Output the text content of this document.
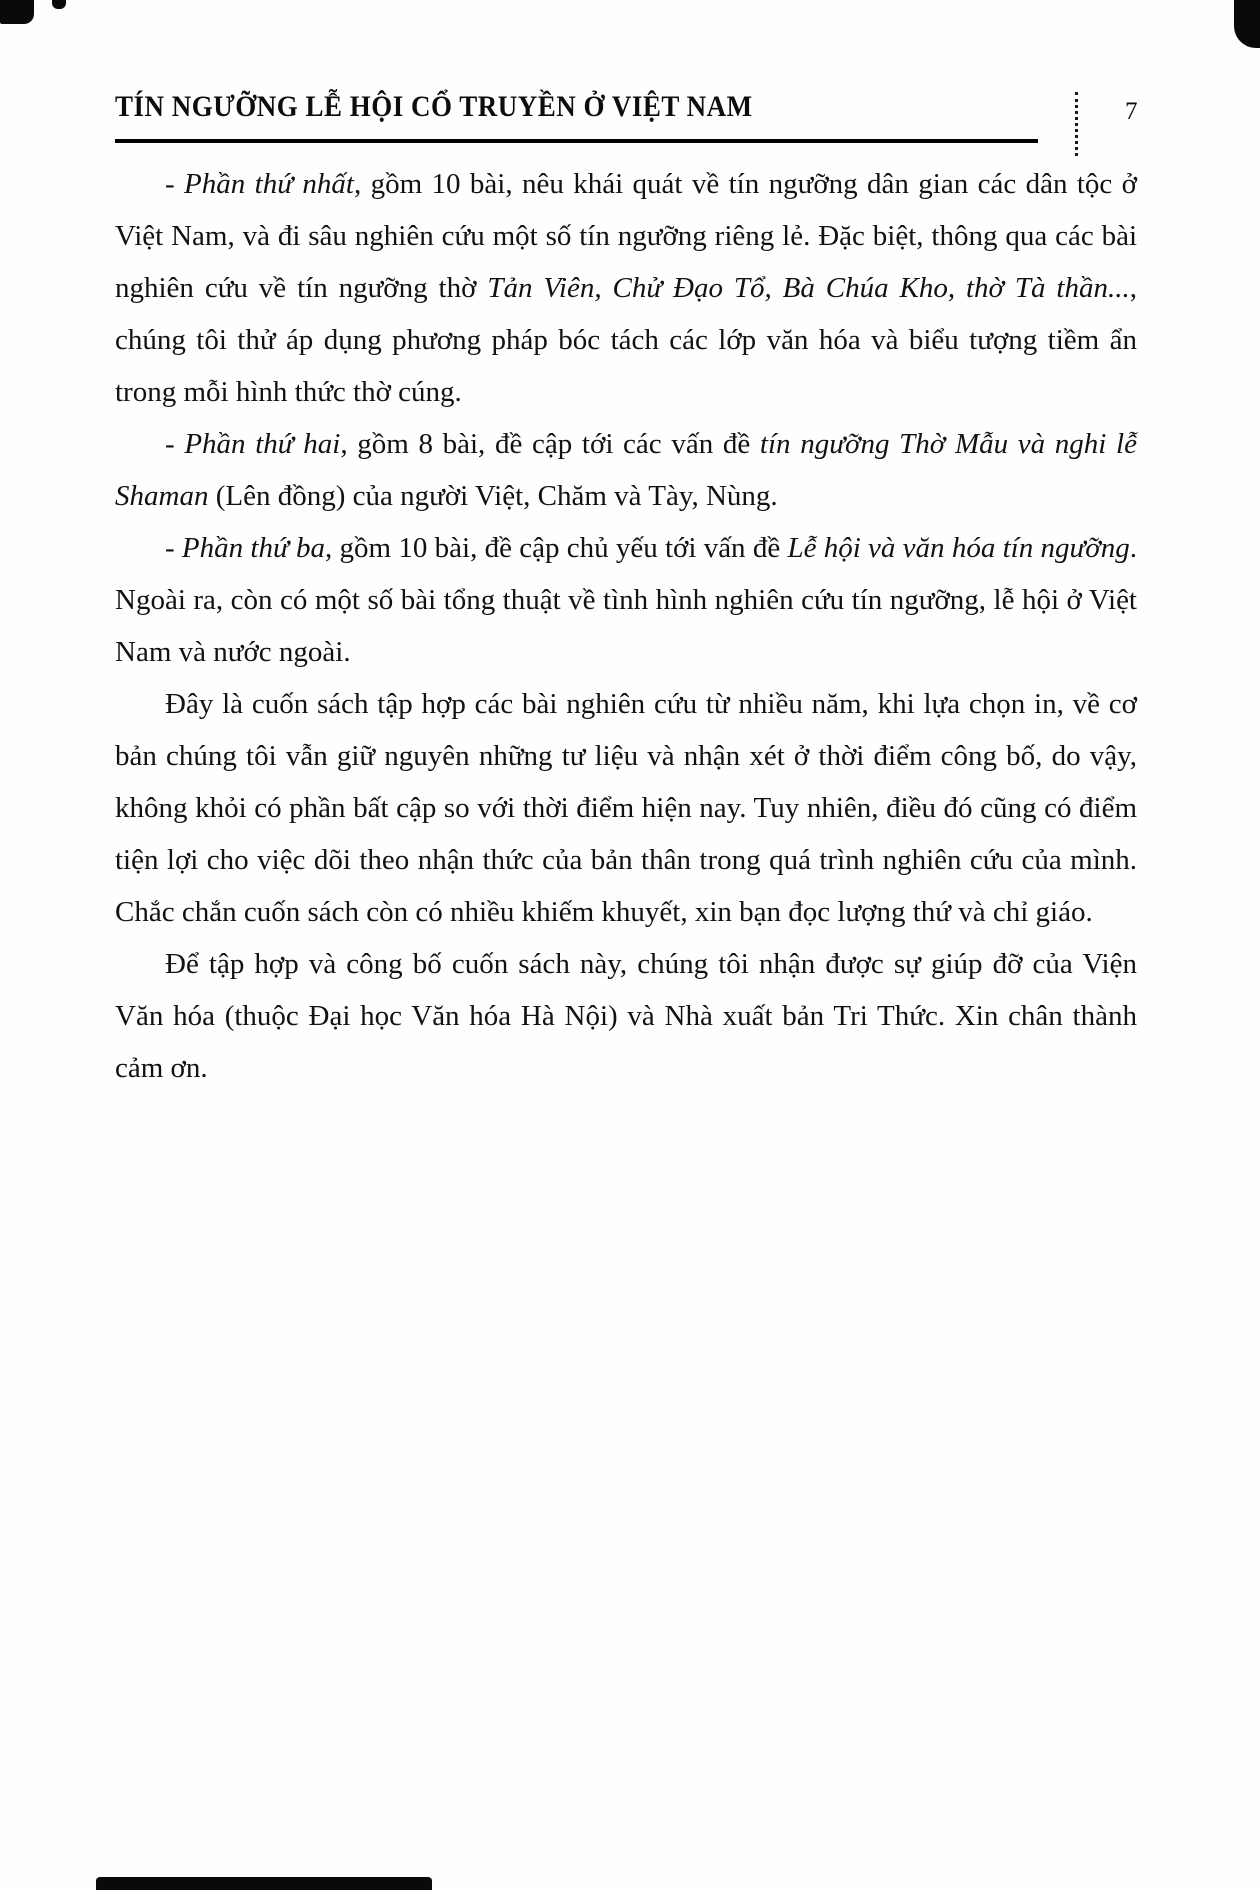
TÍN NGƯỠNG LỄ HỘI CỔ TRUYỀN Ở VIỆT NAM	7

- Phần thứ nhất, gồm 10 bài, nêu khái quát về tín ngưỡng dân gian các dân tộc ở Việt Nam, và đi sâu nghiên cứu một số tín ngưỡng riêng lẻ. Đặc biệt, thông qua các bài nghiên cứu về tín ngưỡng thờ Tản Viên, Chử Đạo Tổ, Bà Chúa Kho, thờ Tà thần..., chúng tôi thử áp dụng phương pháp bóc tách các lớp văn hóa và biểu tượng tiềm ẩn trong mỗi hình thức thờ cúng.

- Phần thứ hai, gồm 8 bài, đề cập tới các vấn đề tín ngưỡng Thờ Mẫu và nghi lễ Shaman (Lên đồng) của người Việt, Chăm và Tày, Nùng.

- Phần thứ ba, gồm 10 bài, đề cập chủ yếu tới vấn đề Lễ hội và văn hóa tín ngưỡng. Ngoài ra, còn có một số bài tổng thuật về tình hình nghiên cứu tín ngưỡng, lễ hội ở Việt Nam và nước ngoài.

Đây là cuốn sách tập hợp các bài nghiên cứu từ nhiều năm, khi lựa chọn in, về cơ bản chúng tôi vẫn giữ nguyên những tư liệu và nhận xét ở thời điểm công bố, do vậy, không khỏi có phần bất cập so với thời điểm hiện nay. Tuy nhiên, điều đó cũng có điểm tiện lợi cho việc dõi theo nhận thức của bản thân trong quá trình nghiên cứu của mình. Chắc chắn cuốn sách còn có nhiều khiếm khuyết, xin bạn đọc lượng thứ và chỉ giáo.

Để tập hợp và công bố cuốn sách này, chúng tôi nhận được sự giúp đỡ của Viện Văn hóa (thuộc Đại học Văn hóa Hà Nội) và Nhà xuất bản Tri Thức. Xin chân thành cảm ơn.
